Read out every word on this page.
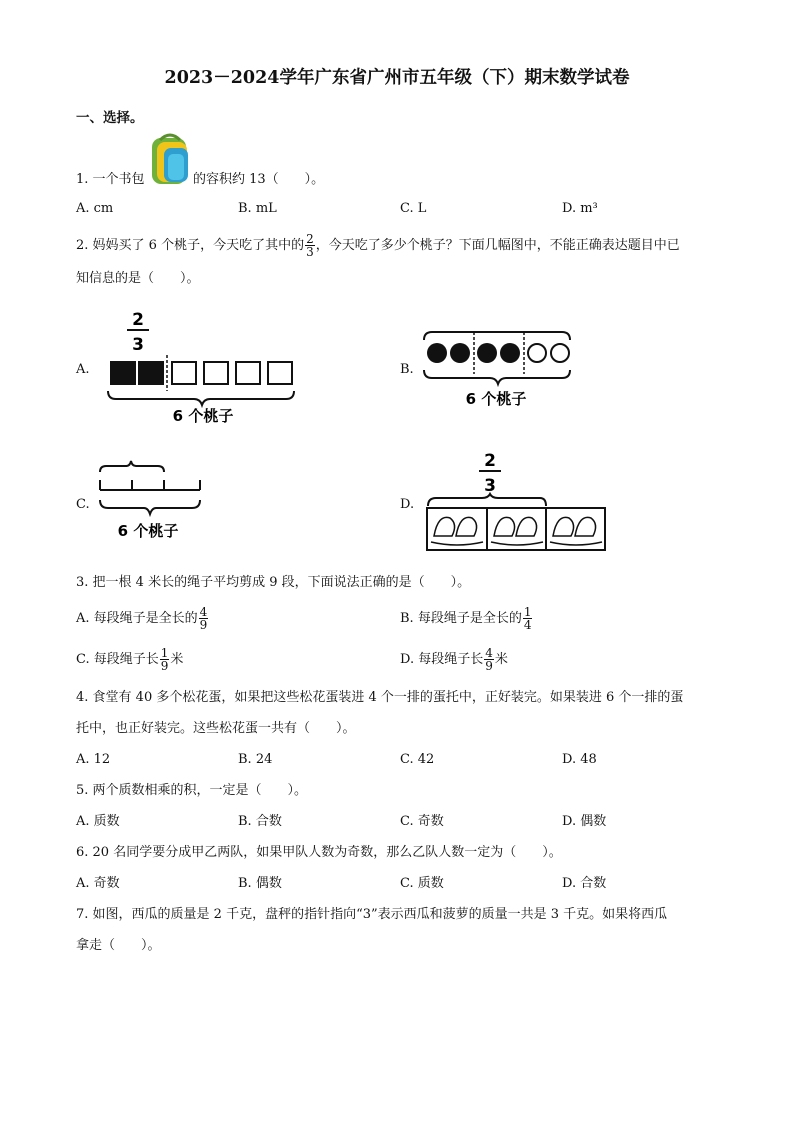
2023－2024学年广东省广州市五年级（下）期末数学试卷
一、选择。
1. 一个书包	的容积约 13（　　）。
A. cm	B. mL	C. L	D. m³
2. 妈妈买了 6 个桃子，今天吃了其中的 $\frac{2}{3}$ ，今天吃了多少个桃子？下面几幅图中，不能正确表达题目中已
知信息的是（　　）。
A.	B.
C.	D.
2
3
6 个桃子
6 个桃子
6 个桃子
2
3
3. 把一根 4 米长的绳子平均剪成 9 段，下面说法正确的是（　　）。
A. 每段绳子是全长的 $\frac{4}{9}$	B. 每段绳子是全长的 $\frac{1}{4}$
C. 每段绳子长 $\frac{1}{9}$ 米	D. 每段绳子长 $\frac{4}{9}$ 米
4. 食堂有 40 多个松花蛋，如果把这些松花蛋装进 4 个一排的蛋托中，正好装完。如果装进 6 个一排的蛋
托中，也正好装完。这些松花蛋一共有（　　）。
A. 12	B. 24	C. 42	D. 48
5. 两个质数相乘的积，一定是（　　）。
A. 质数	B. 合数	C. 奇数	D. 偶数
6. 20 名同学要分成甲乙两队，如果甲队人数为奇数，那么乙队人数一定为（　　）。
A. 奇数	B. 偶数	C. 质数	D. 合数
7. 如图，西瓜的质量是 2 千克，盘秤的指针指向“3”表示西瓜和菠萝的质量一共是 3 千克。如果将西瓜
拿走（　　）。
